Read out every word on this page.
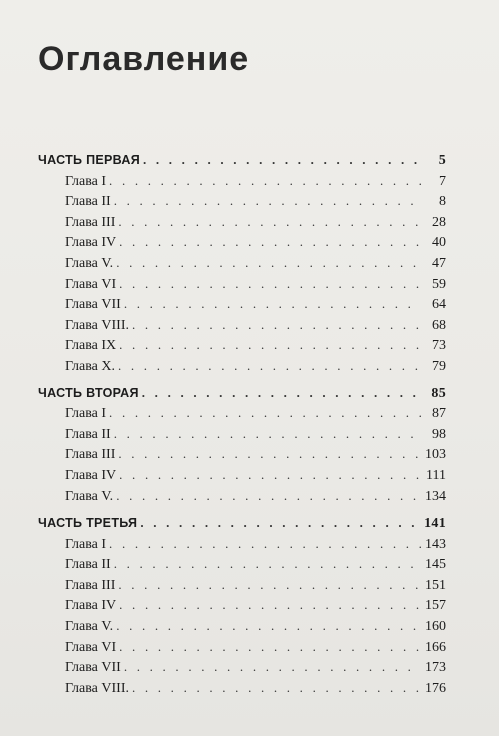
Оглавление
ЧАСТЬ ПЕРВАЯ . . .	5
Глава I . . .	7
Глава II . . .	8
Глава III . . .	28
Глава IV . . .	40
Глава V. . . .	47
Глава VI . . .	59
Глава VII . . .	64
Глава VIII. . . .	68
Глава IX . . .	73
Глава X. . . .	79
ЧАСТЬ ВТОРАЯ . . .	85
Глава I . . .	87
Глава II . . .	98
Глава III . . .	103
Глава IV . . .	111
Глава V. . . .	134
ЧАСТЬ ТРЕТЬЯ . . .	141
Глава I . . .	143
Глава II . . .	145
Глава III . . .	151
Глава IV . . .	157
Глава V. . . .	160
Глава VI . . .	166
Глава VII . . .	173
Глава VIII. . . .	176
